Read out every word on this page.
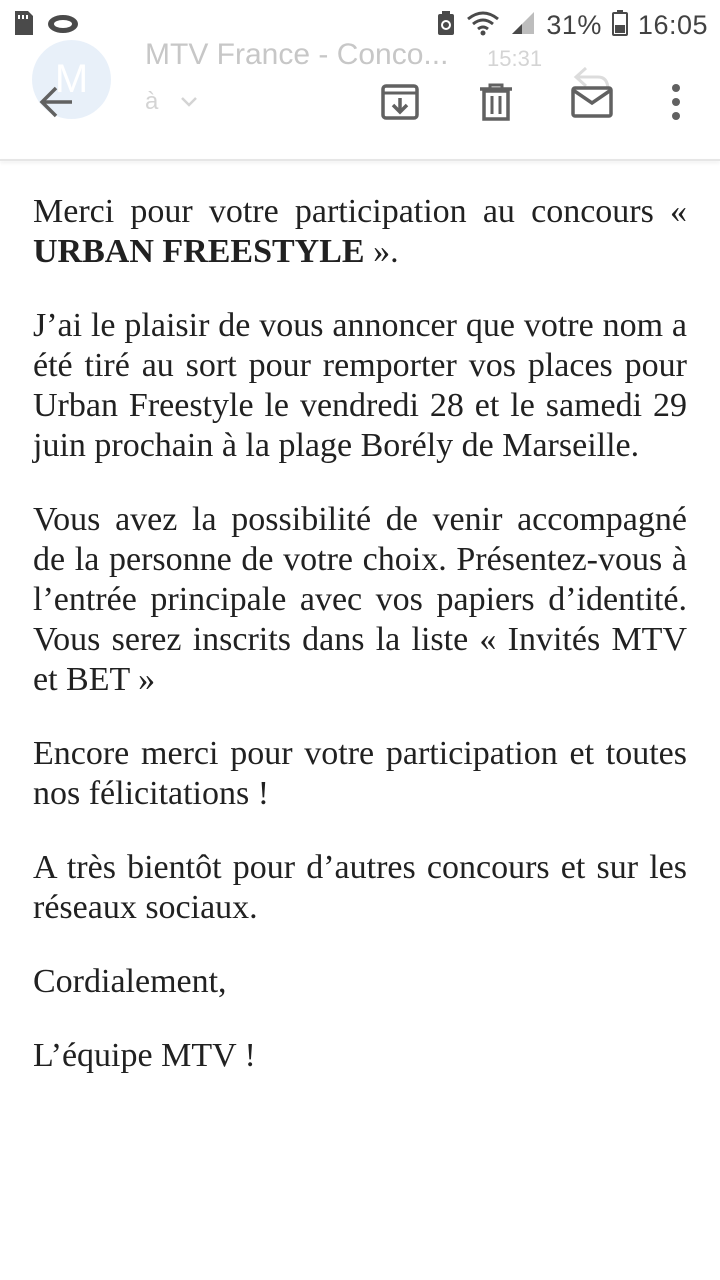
31% 16:05
M
MTV France - Conco... 15:31
à

Merci pour votre participation au concours « URBAN FREESTYLE ».

J’ai le plaisir de vous annoncer que votre nom a été tiré au sort pour remporter vos places pour Urban Freestyle le vendredi 28 et le samedi 29 juin prochain à la plage Borély de Marseille.

Vous avez la possibilité de venir accompagné de la personne de votre choix. Présentez-vous à l’entrée principale avec vos papiers d’identité. Vous serez inscrits dans la liste « Invités MTV et BET »

Encore merci pour votre participation et toutes nos félicitations !

A très bientôt pour d’autres concours et sur les réseaux sociaux.

Cordialement,

L’équipe MTV !
